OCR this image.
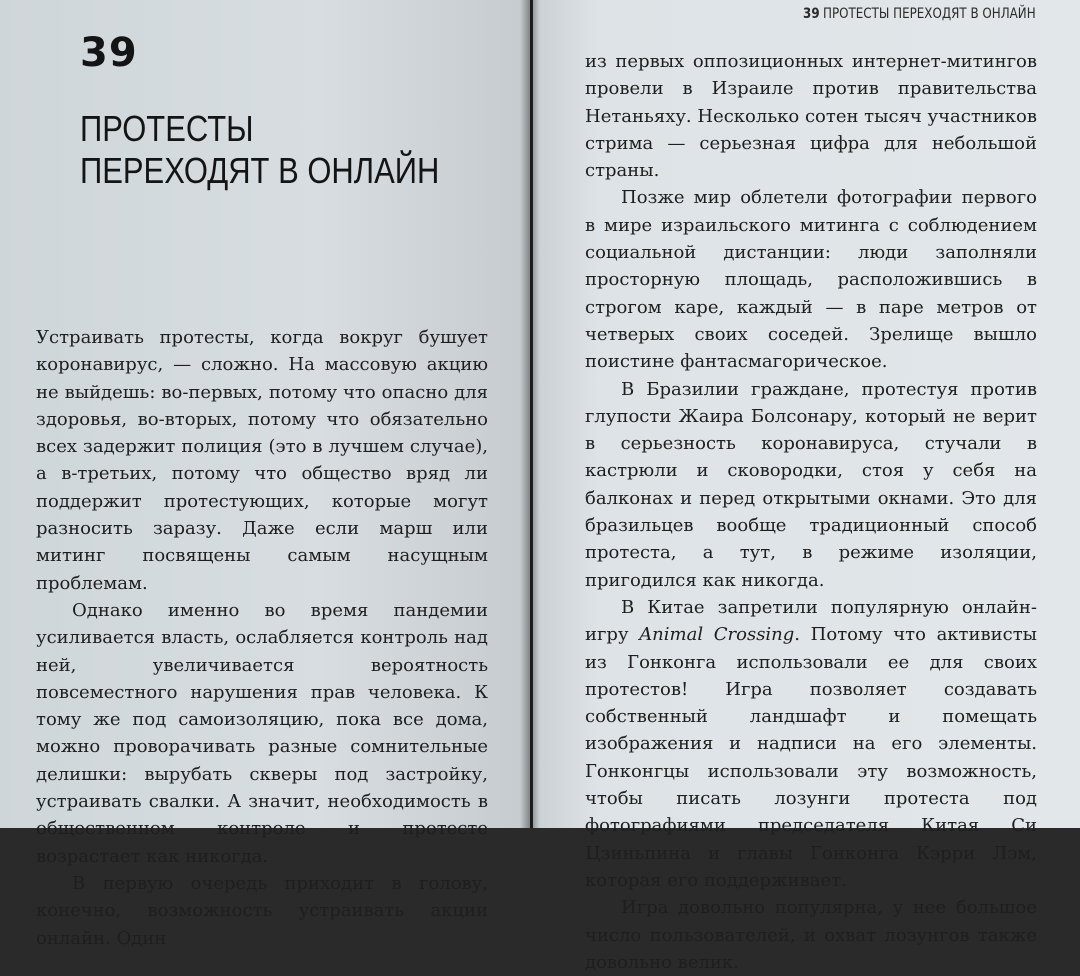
39
ПРОТЕСТЫ ПЕРЕХОДЯТ В ОНЛАЙН

Устраивать протесты, когда вокруг бушует коронавирус, — сложно. На массовую акцию не выйдешь: во-первых, потому что опасно для здоровья, во-вторых, потому что обязательно всех задержит полиция (это в лучшем случае), а в-третьих, потому что общество вряд ли поддержит протестующих, которые могут разносить заразу. Даже если марш или митинг посвящены самым насущным проблемам.

Однако именно во время пандемии усиливается власть, ослабляется контроль над ней, увеличивается вероятность повсеместного нарушения прав человека. К тому же под самоизоляцию, пока все дома, можно проворачивать разные сомнительные делишки: вырубать скверы под застройку, устраивать свалки. А значит, необходимость в общественном контроле и протесте возрастает как никогда.

В первую очередь приходит в голову, конечно, возможность устраивать акции онлайн. Один

39 ПРОТЕСТЫ ПЕРЕХОДЯТ В ОНЛАЙН

из первых оппозиционных интернет-митингов провели в Израиле против правительства Нетаньяху. Несколько сотен тысяч участников стрима — серьезная цифра для небольшой страны.

Позже мир облетели фотографии первого в мире израильского митинга с соблюдением социальной дистанции: люди заполняли просторную площадь, расположившись в строгом каре, каждый — в паре метров от четверых своих соседей. Зрелище вышло поистине фантасмагорическое.

В Бразилии граждане, протестуя против глупости Жаира Болсонару, который не верит в серьезность коронавируса, стучали в кастрюли и сковородки, стоя у себя на балконах и перед открытыми окнами. Это для бразильцев вообще традиционный способ протеста, а тут, в режиме изоляции, пригодился как никогда.

В Китае запретили популярную онлайн-игру Animal Crossing. Потому что активисты из Гонконга использовали ее для своих протестов! Игра позволяет создавать собственный ландшафт и помещать изображения и надписи на его элементы. Гонконгцы использовали эту возможность, чтобы писать лозунги протеста под фотографиями председателя Китая Си Цзиньпина и главы Гонконга Кэрри Лэм, которая его поддерживает.

Игра довольно популярна, у нее большое число пользователей, и охват лозунгов также довольно велик.
